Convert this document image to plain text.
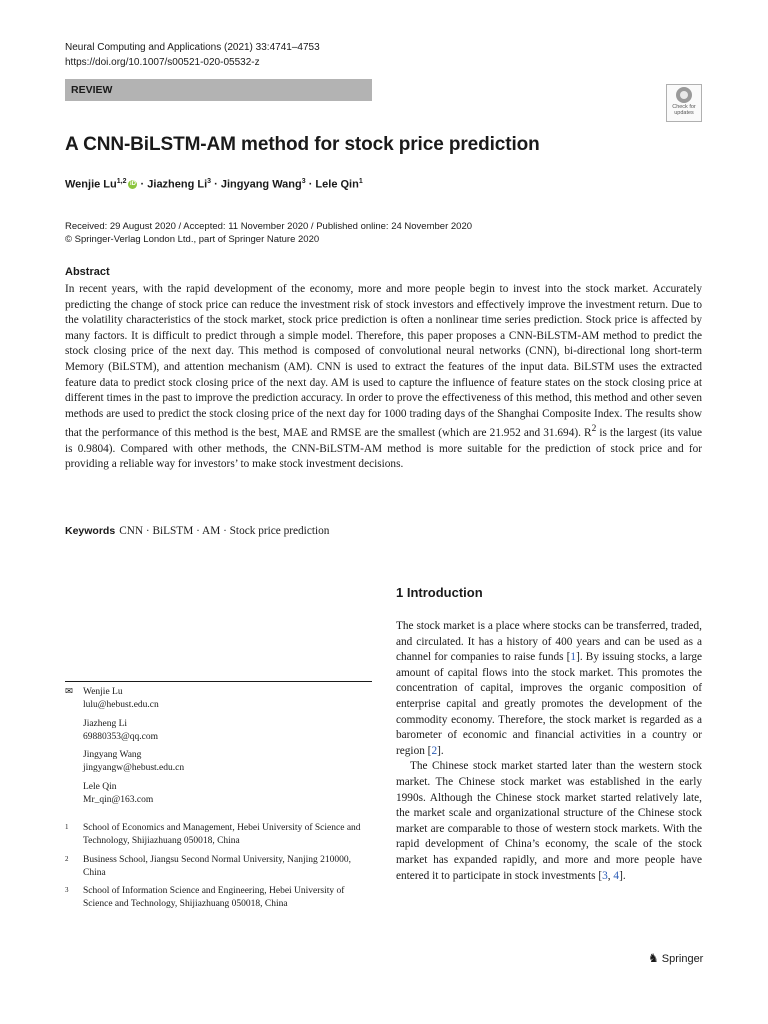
Neural Computing and Applications (2021) 33:4741–4753
https://doi.org/10.1007/s00521-020-05532-z
REVIEW
Check for
updates
A CNN-BiLSTM-AM method for stock price prediction
Wenjie Lu$^{1,2}$ iD · Jiazheng $Li^3$ · Jingyang Wang$^3$ · Lele Qin$^1$
Received: 29 August 2020 / Accepted: 11 November 2020 / Published online: 24 November 2020
© Springer-Verlag London Ltd., part of Springer Nature 2020
Abstract
In recent years, with the rapid development of the economy, more and more people begin to invest into the stock market. Accurately predicting the change of stock price can reduce the investment risk of stock investors and effectively improve the investment return. Due to the volatility characteristics of the stock market, stock price prediction is often a nonlinear time series prediction. Stock price is affected by many factors. It is difficult to predict through a simple model. Therefore, this paper proposes a CNN-BiLSTM-AM method to predict the stock closing price of the next day. This method is composed of convolutional neural networks (CNN), bi-directional long short-term Memory (BiLSTM), and attention mechanism (AM). CNN is used to extract the features of the input data. BiLSTM uses the extracted feature data to predict stock closing price of the next day. AM is used to capture the influence of feature states on the stock closing price at different times in the past to improve the prediction accuracy. In order to prove the effectiveness of this method, this method and other seven methods are used to predict the stock closing price of the next day for 1000 trading days of the Shanghai Composite Index. The results show that the performance of this method is the best, MAE and RMSE are the smallest (which are 21.952 and 31.694). $R^2$ is the largest (its value is 0.9804). Compared with other methods, the CNN-BiLSTM-AM method is more suitable for the prediction of stock price and for providing a reliable way for investors’ to make stock investment decisions.
Keywords CNN · BiLSTM · AM · Stock price prediction
1 Introduction

The stock market is a place where stocks can be transferred, traded, and circulated. It has a history of 400 years and can be used as a channel for companies to raise funds [1]. By issuing stocks, a large amount of capital flows into the stock market. This promotes the concentration of capital, improves the organic composition of enterprise capital and greatly promotes the development of the commodity economy. Therefore, the stock market is regarded as a barometer of economic and financial activities in a country or region [2].

The Chinese stock market started later than the western stock market. The Chinese stock market was established in the early 1990s. Although the Chinese stock market started relatively late, the market scale and organizational structure of the Chinese stock market are comparable to those of western stock markets. With the rapid development of China’s economy, the scale of the stock market has expanded rapidly, and more and more people have entered it to participate in stock investments [3, 4].

✉ Wenjie Lu
lulu@hebust.edu.cn
Jiazheng Li
69880353@qq.com
Jingyang Wang
jingyangw@hebust.edu.cn
Lele Qin
Mr_qin@163.com
1	School of Economics and Management, Hebei University of Science and Technology, Shijiazhuang 050018, China
2	Business School, Jiangsu Second Normal University, Nanjing 210000, China
3	School of Information Science and Engineering, Hebei University of Science and Technology, Shijiazhuang 050018, China
♞ Springer
